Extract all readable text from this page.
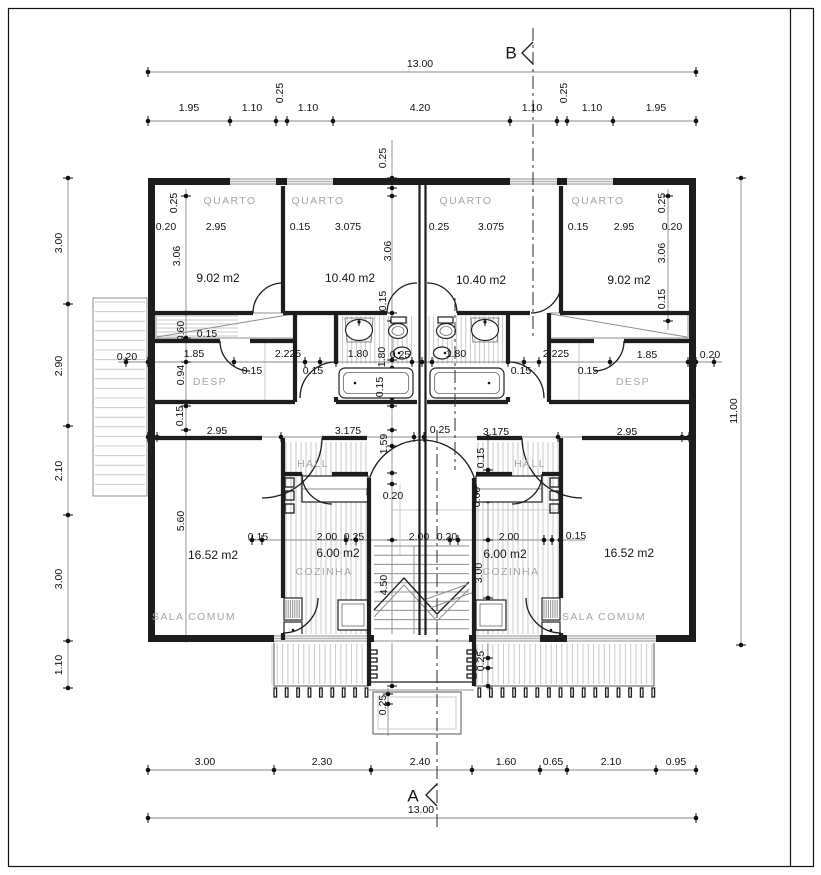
13.00
B
1.95	1.10
0.25
1.10	4.20	1.10
0.25
1.10	1.95
0.25
QUARTO	QUARTO	QUARTO	QUARTO
0.25	0.25
0.20	2.95	0.15 3.075	0.25	3.075	0.15 2.95	0.20
3.06	3.06	3.06
9.02 m2	10.40 m2	10.40 m2	9.02 m2
0.15	0.15
0.60 0.15
0.20	1.85	2.225	1.80 1.80 0.25	1.80	2.225	1.85	0.20
0.94 DESP	DESP
0.15	0.15
0.15
0.15	0.15
0.15
2.95	3.175	0.25	3.175	2.95
11.00
1.59
0.15
HALL	HALL
0.20	0.60
5.60
0.15	2.00 0.25	2.00 0.20	2.00	0.15
16.52 m2	6.00 m2	6.00 m2	16.52 m2
COZINHA	COZINHA
4.50
3.00
SALA COMUM	SALA COMUM
0.25
0.25
3.00	2.30	2.40	1.60	0.65	2.10	0.95
A
13.00
3.00
2.90
2.10
3.00
1.10
